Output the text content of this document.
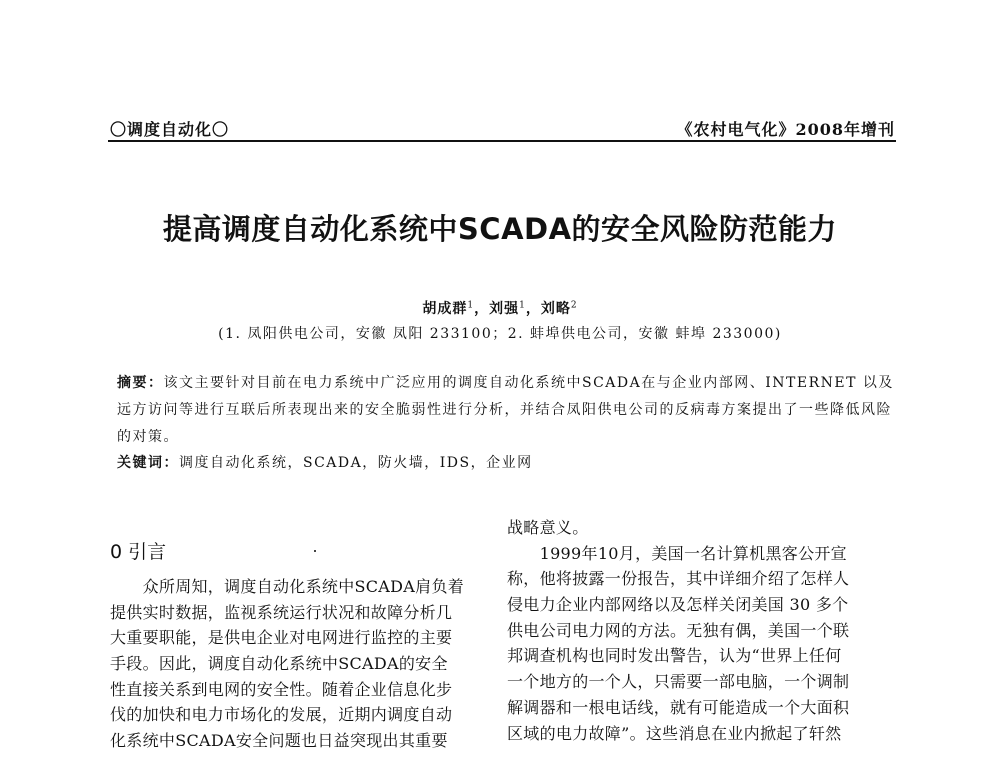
〇调度自动化〇	《农村电气化》2008年增刊
提高调度自动化系统中SCADA的安全风险防范能力
胡成群$^1$，刘强$^1$，刘略$^2$
(1. 凤阳供电公司，安徽 凤阳 233100；2. 蚌埠供电公司，安徽 蚌埠 233000)
摘要：该文主要针对目前在电力系统中广泛应用的调度自动化系统中SCADA在与企业内部网、INTERNET 以及远方访问等进行互联后所表现出来的安全脆弱性进行分析，并结合凤阳供电公司的反病毒方案提出了一些降低风险的对策。
关键词：调度自动化系统，SCADA，防火墙，IDS，企业网
0 引言
　　众所周知，调度自动化系统中SCADA肩负着
提供实时数据，监视系统运行状况和故障分析几
大重要职能，是供电企业对电网进行监控的主要
手段。因此，调度自动化系统中SCADA的安全
性直接关系到电网的安全性。随着企业信息化步
伐的加快和电力市场化的发展，近期内调度自动
化系统中SCADA安全问题也日益突现出其重要
战略意义。
　　1999年10月，美国一名计算机黑客公开宣
称，他将披露一份报告，其中详细介绍了怎样人
侵电力企业内部网络以及怎样关闭美国 30 多个
供电公司电力网的方法。无独有偶，美国一个联
邦调查机构也同时发出警告，认为“世界上任何
一个地方的一个人，只需要一部电脑，一个调制
解调器和一根电话线，就有可能造成一个大面积
区域的电力故障”。这些消息在业内掀起了轩然
